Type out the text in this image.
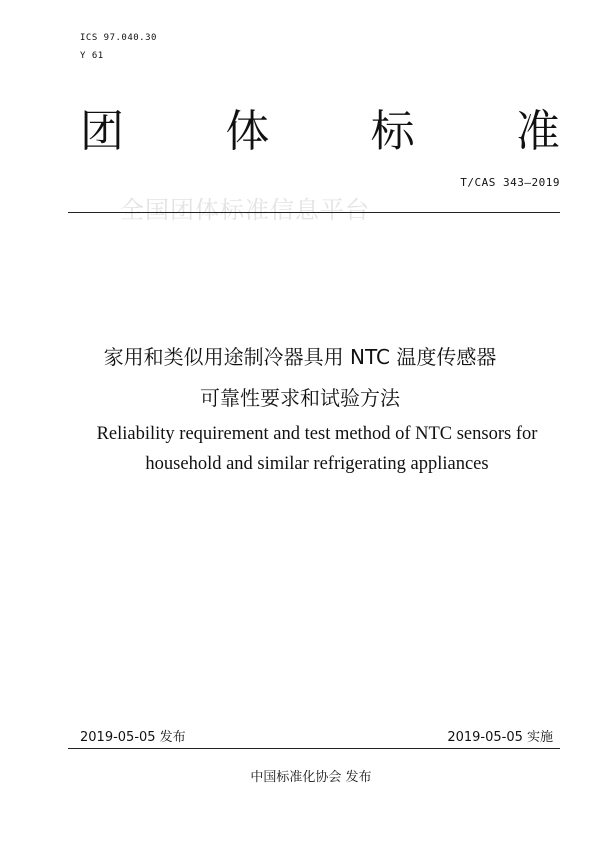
ICS 97.040.30
Y 61
团 体 标 准
T/CAS 343—2019
全国团体标准信息平台
家用和类似用途制冷器具用 NTC 温度传感器
可靠性要求和试验方法
Reliability requirement and test method of NTC sensors for
household and similar refrigerating appliances
2019-05-05 发布	2019-05-05 实施
中国标准化协会 发布
